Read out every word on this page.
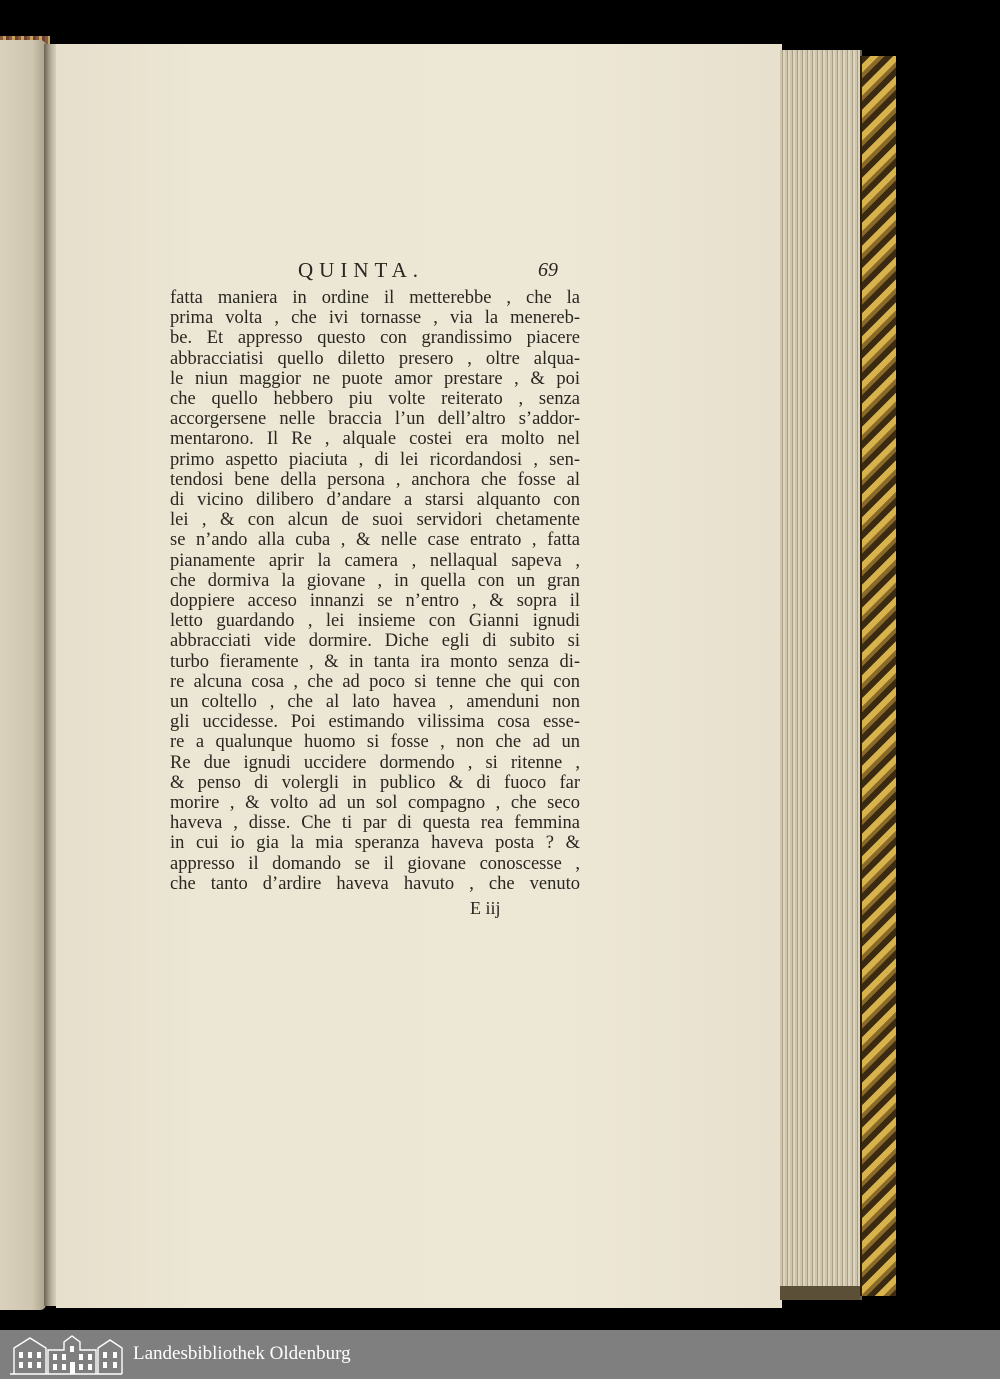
QUINTA.	69
fatta maniera in ordine il metterebbe , che la
prima volta , che ivi tornasse , via la menereb-
be. Et appresso questo con grandissimo piacere
abbracciatisi quello diletto presero , oltre alqua-
le niun maggior ne puote amor prestare , & poi
che quello hebbero piu volte reiterato , senza
accorgersene nelle braccia l’un dell’altro s’addor-
mentarono. Il Re , alquale costei era molto nel
primo aspetto piaciuta , di lei ricordandosi , sen-
tendosi bene della persona , anchora che fosse al
di vicino dilibero d’andare a starsi alquanto con
lei , & con alcun de suoi servidori chetamente
se n’ando alla cuba , & nelle case entrato , fatta
pianamente aprir la camera , nellaqual sapeva ,
che dormiva la giovane , in quella con un gran
doppiere acceso innanzi se n’entro , & sopra il
letto guardando , lei insieme con Gianni ignudi
abbracciati vide dormire. Diche egli di subito si
turbo fieramente , & in tanta ira monto senza di-
re alcuna cosa , che ad poco si tenne che qui con
un coltello , che al lato havea , amenduni non
gli uccidesse. Poi estimando vilissima cosa esse-
re a qualunque huomo si fosse , non che ad un
Re due ignudi uccidere dormendo , si ritenne ,
& penso di volergli in publico & di fuoco far
morire , & volto ad un sol compagno , che seco
haveva , disse. Che ti par di questa rea femmina
in cui io gia la mia speranza haveva posta ? &
appresso il domando se il giovane conoscesse ,
che tanto d’ardire haveva havuto , che venuto
E iij
Landesbibliothek Oldenburg
